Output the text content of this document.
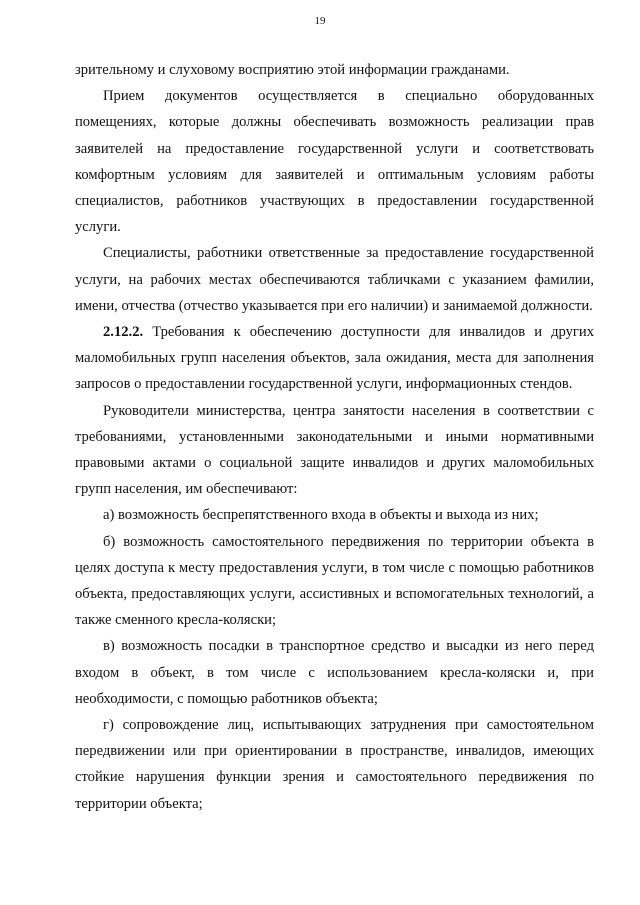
19

зрительному и слуховому восприятию этой информации гражданами.

Прием документов осуществляется в специально оборудованных помещениях, которые должны обеспечивать возможность реализации прав заявителей на предоставление государственной услуги и соответствовать комфортным условиям для заявителей и оптимальным условиям работы специалистов, работников участвующих в предоставлении государственной услуги.

Специалисты, работники ответственные за предоставление государственной услуги, на рабочих местах обеспечиваются табличками с указанием фамилии, имени, отчества (отчество указывается при его наличии) и занимаемой должности.

2.12.2. Требования к обеспечению доступности для инвалидов и других маломобильных групп населения объектов, зала ожидания, места для заполнения запросов о предоставлении государственной услуги, информационных стендов.

Руководители министерства, центра занятости населения в соответствии с требованиями, установленными законодательными и иными нормативными правовыми актами о социальной защите инвалидов и других маломобильных групп населения, им обеспечивают:

а) возможность беспрепятственного входа в объекты и выхода из них;

б) возможность самостоятельного передвижения по территории объекта в целях доступа к месту предоставления услуги, в том числе с помощью работников объекта, предоставляющих услуги, ассистивных и вспомогательных технологий, а также сменного кресла-коляски;

в) возможность посадки в транспортное средство и высадки из него перед входом в объект, в том числе с использованием кресла-коляски и, при необходимости, с помощью работников объекта;

г) сопровождение лиц, испытывающих затруднения при самостоятельном передвижении или при ориентировании в пространстве, инвалидов, имеющих стойкие нарушения функции зрения и самостоятельного передвижения по территории объекта;
